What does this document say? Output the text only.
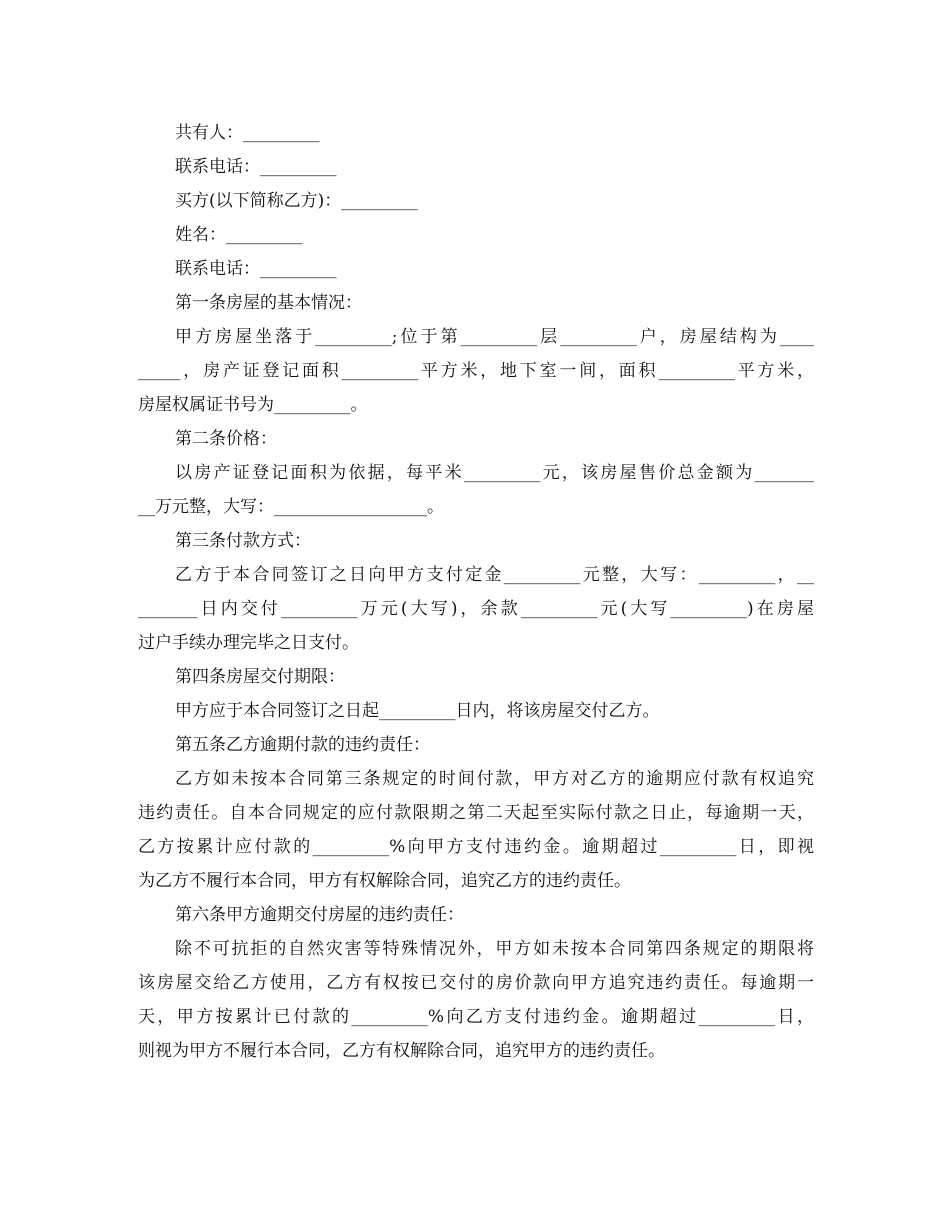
共有人：_________
联系电话：_________
买方(以下简称乙方)：_________
姓名：_________
联系电话：_________
第一条房屋的基本情况：
甲方房屋坐落于_________;位于第_________层_________户，房屋结构为____
_____，房产证登记面积_________平方米，地下室一间，面积_________平方米，
房屋权属证书号为_________。
第二条价格：
以房产证登记面积为依据，每平米_________元，该房屋售价总金额为_______
__万元整，大写：__________________。
第三条付款方式：
乙方于本合同签订之日向甲方支付定金_________元整，大写：_________，__
_______日内交付_________万元(大写)，余款_________元(大写_________)在房屋
过户手续办理完毕之日支付。
第四条房屋交付期限：
甲方应于本合同签订之日起_________日内，将该房屋交付乙方。
第五条乙方逾期付款的违约责任：
乙方如未按本合同第三条规定的时间付款，甲方对乙方的逾期应付款有权追究
违约责任。自本合同规定的应付款限期之第二天起至实际付款之日止，每逾期一天，
乙方按累计应付款的_________%向甲方支付违约金。逾期超过_________日，即视
为乙方不履行本合同，甲方有权解除合同，追究乙方的违约责任。
第六条甲方逾期交付房屋的违约责任：
除不可抗拒的自然灾害等特殊情况外，甲方如未按本合同第四条规定的期限将
该房屋交给乙方使用，乙方有权按已交付的房价款向甲方追究违约责任。每逾期一
天，甲方按累计已付款的_________%向乙方支付违约金。逾期超过_________日，
则视为甲方不履行本合同，乙方有权解除合同，追究甲方的违约责任。
